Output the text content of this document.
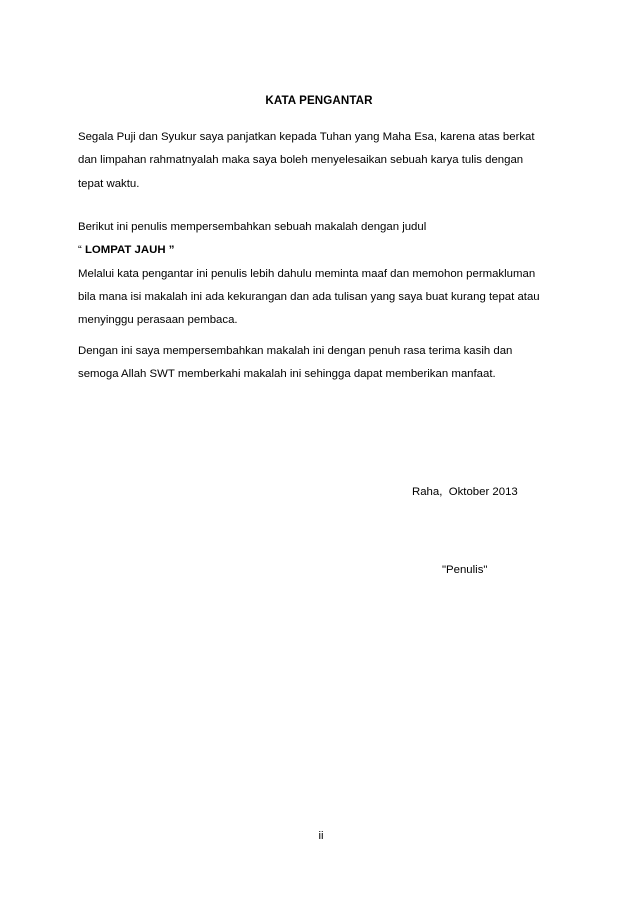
KATA PENGANTAR
Segala Puji dan Syukur saya panjatkan kepada Tuhan yang Maha Esa, karena atas berkat
dan limpahan rahmatnyalah maka saya boleh menyelesaikan sebuah karya tulis dengan
tepat waktu.
Berikut ini penulis mempersembahkan sebuah makalah dengan judul
“ LOMPAT JAUH ”
Melalui kata pengantar ini penulis lebih dahulu meminta maaf dan memohon permakluman
bila mana isi makalah ini ada kekurangan dan ada tulisan yang saya buat kurang tepat atau
menyinggu perasaan pembaca.
Dengan ini saya mempersembahkan makalah ini dengan penuh rasa terima kasih dan
semoga Allah SWT memberkahi makalah ini sehingga dapat memberikan manfaat.
Raha,  Oktober 2013
"Penulis"
ii
